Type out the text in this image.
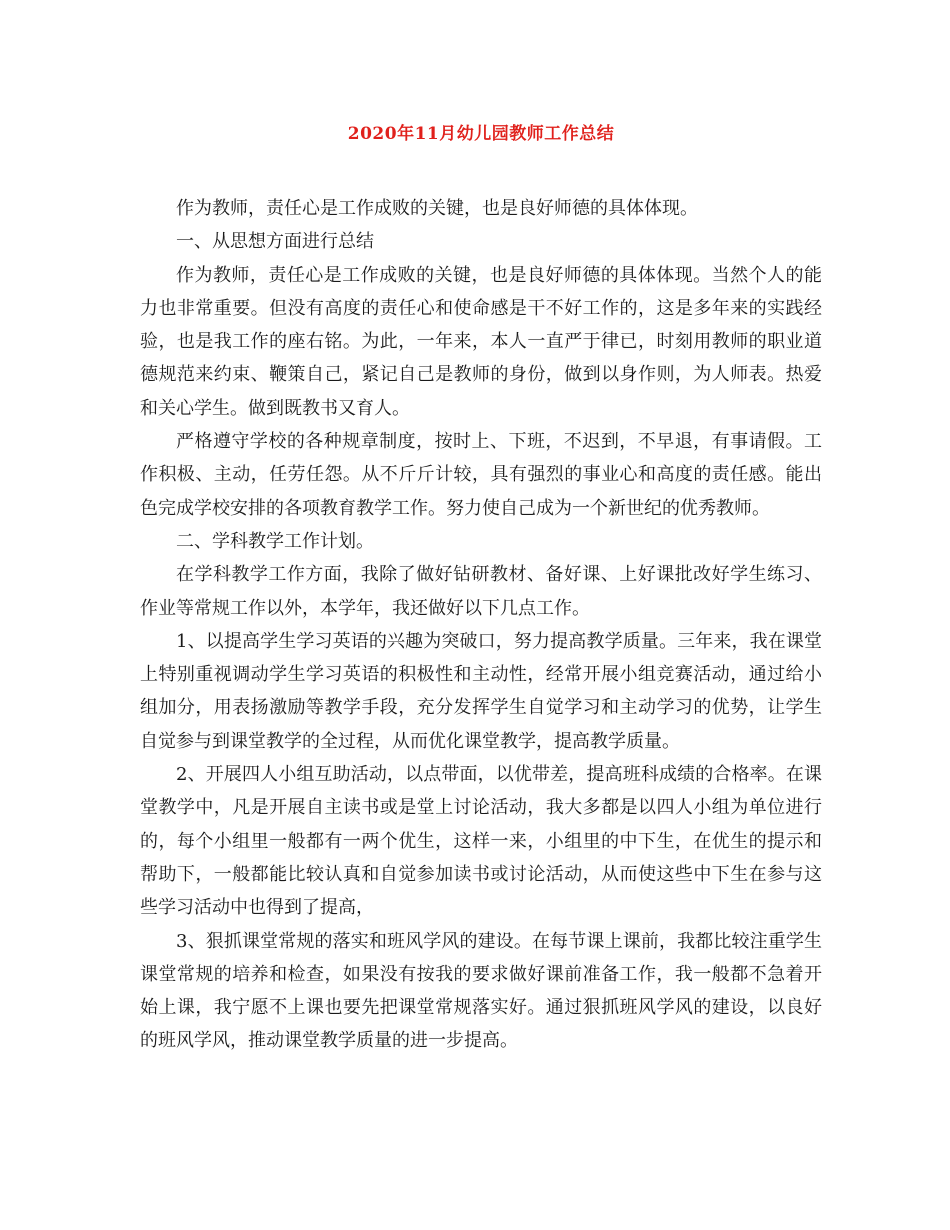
2020年11月幼儿园教师工作总结

作为教师，责任心是工作成败的关键，也是良好师德的具体体现。

一、从思想方面进行总结

作为教师，责任心是工作成败的关键，也是良好师德的具体体现。当然个人的能力也非常重要。但没有高度的责任心和使命感是干不好工作的，这是多年来的实践经验，也是我工作的座右铭。为此，一年来，本人一直严于律已，时刻用教师的职业道德规范来约束、鞭策自己，紧记自己是教师的身份，做到以身作则，为人师表。热爱和关心学生。做到既教书又育人。

严格遵守学校的各种规章制度，按时上、下班，不迟到，不早退，有事请假。工作积极、主动，任劳任怨。从不斤斤计较，具有强烈的事业心和高度的责任感。能出色完成学校安排的各项教育教学工作。努力使自己成为一个新世纪的优秀教师。

二、学科教学工作计划。

在学科教学工作方面，我除了做好钻研教材、备好课、上好课批改好学生练习、作业等常规工作以外，本学年，我还做好以下几点工作。

1、以提高学生学习英语的兴趣为突破口，努力提高教学质量。三年来，我在课堂上特别重视调动学生学习英语的积极性和主动性，经常开展小组竞赛活动，通过给小组加分，用表扬激励等教学手段，充分发挥学生自觉学习和主动学习的优势，让学生自觉参与到课堂教学的全过程，从而优化课堂教学，提高教学质量。

2、开展四人小组互助活动，以点带面，以优带差，提高班科成绩的合格率。在课堂教学中，凡是开展自主读书或是堂上讨论活动，我大多都是以四人小组为单位进行的，每个小组里一般都有一两个优生，这样一来，小组里的中下生，在优生的提示和帮助下，一般都能比较认真和自觉参加读书或讨论活动，从而使这些中下生在参与这些学习活动中也得到了提高，

3、狠抓课堂常规的落实和班风学风的建设。在每节课上课前，我都比较注重学生课堂常规的培养和检查，如果没有按我的要求做好课前准备工作，我一般都不急着开始上课，我宁愿不上课也要先把课堂常规落实好。通过狠抓班风学风的建设，以良好的班风学风，推动课堂教学质量的进一步提高。
